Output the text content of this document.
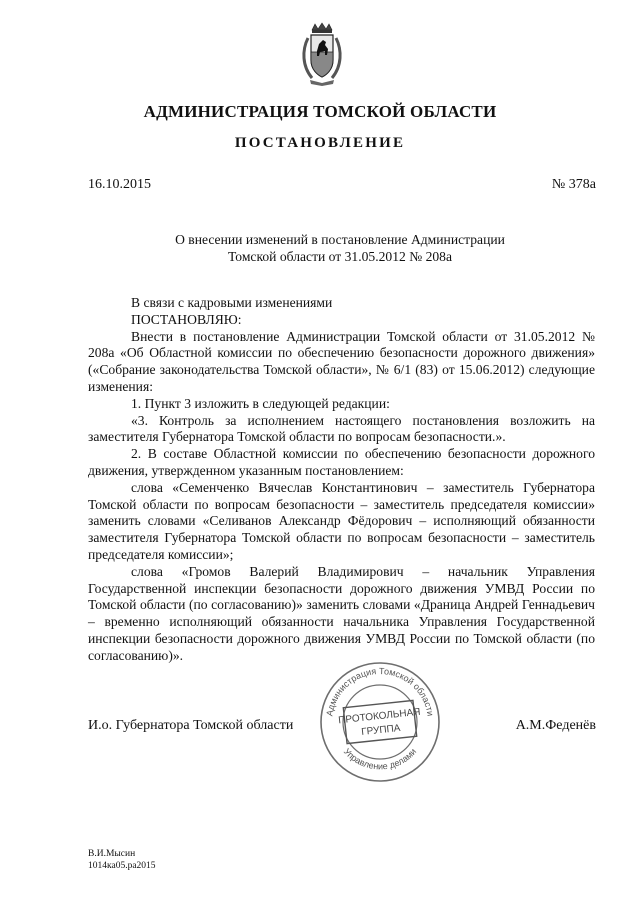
АДМИНИСТРАЦИЯ ТОМСКОЙ ОБЛАСТИ
ПОСТАНОВЛЕНИЕ
16.10.2015	№ 378а
О внесении изменений в постановление Администрации
Томской области от 31.05.2012 № 208а

В связи с кадровыми изменениями

ПОСТАНОВЛЯЮ:

Внести в постановление Администрации Томской области от 31.05.2012 № 208а «Об Областной комиссии по обеспечению безопасности дорожного движения» («Собрание законодательства Томской области», № 6/1 (83) от 15.06.2012) следующие изменения:

1. Пункт 3 изложить в следующей редакции:

«3. Контроль за исполнением настоящего постановления возложить на заместителя Губернатора Томской области по вопросам безопасности.».

2. В составе Областной комиссии по обеспечению безопасности дорожного движения, утвержденном указанным постановлением:

слова «Семенченко Вячеслав Константинович – заместитель Губернатора Томской области по вопросам безопасности – заместитель председателя комиссии» заменить словами «Селиванов Александр Фёдорович – исполняющий обязанности заместителя Губернатора Томской области по вопросам безопасности – заместитель председателя комиссии»;

слова «Громов Валерий Владимирович – начальник Управления Государственной инспекции безопасности дорожного движения УМВД России по Томской области (по согласованию)» заменить словами «Драница Андрей Геннадьевич – временно исполняющий обязанности начальника Управления Государственной инспекции безопасности дорожного движения УМВД России по Томской области (по согласованию)».

И.о. Губернатора Томской области	А.М.Феденёв
Администрация Томской области
Управление делами
ПРОТОКОЛЬНАЯ
ГРУППА
В.И.Мысин
1014ка05.ра2015
